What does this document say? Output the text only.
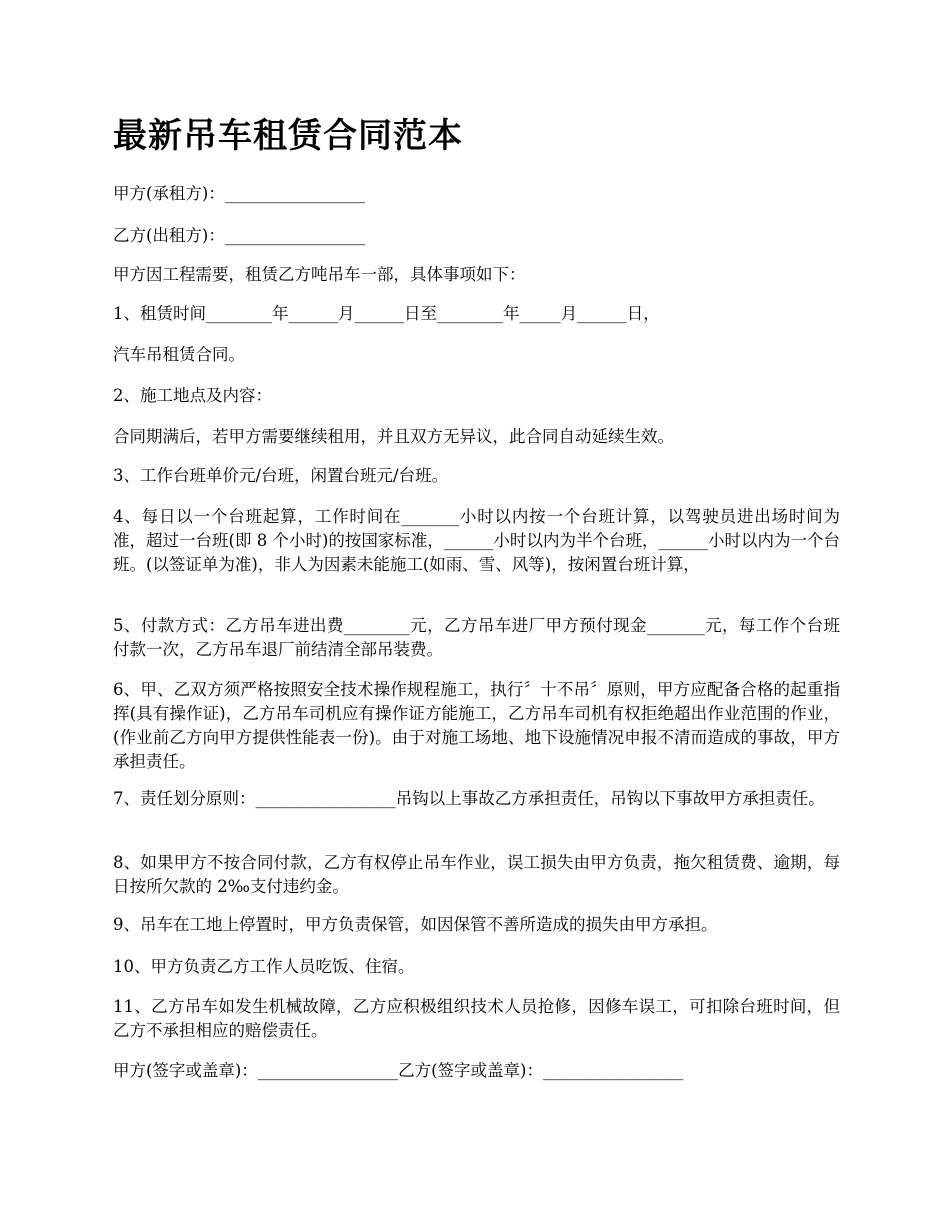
最新吊车租赁合同范本

甲方(承租方)：_________________

乙方(出租方)：_________________

甲方因工程需要，租赁乙方吨吊车一部，具体事项如下：

1、租赁时间________年______月______日至________年_____月______日，

汽车吊租赁合同。

2、施工地点及内容：

合同期满后，若甲方需要继续租用，并且双方无异议，此合同自动延续生效。

3、工作台班单价元/台班，闲置台班元/台班。

4、每日以一个台班起算，工作时间在_______小时以内按一个台班计算，以驾驶员进出场时间为准，超过一台班(即 8 个小时)的按国家标准，______小时以内为半个台班，______小时以内为一个台班。(以签证单为准)，非人为因素未能施工(如雨、雪、风等)，按闲置台班计算，

5、付款方式：乙方吊车进出费________元，乙方吊车进厂甲方预付现金_______元，每工作个台班付款一次，乙方吊车退厂前结清全部吊装费。

6、甲、乙双方须严格按照安全技术操作规程施工，执行〞十不吊〞原则，甲方应配备合格的起重指挥(具有操作证)，乙方吊车司机应有操作证方能施工，乙方吊车司机有权拒绝超出作业范围的作业，(作业前乙方向甲方提供性能表一份)。由于对施工场地、地下设施情况申报不清而造成的事故，甲方承担责任。

7、责任划分原则：_________________吊钩以上事故乙方承担责任，吊钩以下事故甲方承担责任。

8、如果甲方不按合同付款，乙方有权停止吊车作业，误工损失由甲方负责，拖欠租赁费、逾期，每日按所欠款的 2‰支付违约金。

9、吊车在工地上停置时，甲方负责保管，如因保管不善所造成的损失由甲方承担。

10、甲方负责乙方工作人员吃饭、住宿。

11、乙方吊车如发生机械故障，乙方应积极组织技术人员抢修，因修车误工，可扣除台班时间，但乙方不承担相应的赔偿责任。

甲方(签字或盖章)：_________________乙方(签字或盖章)：_________________
